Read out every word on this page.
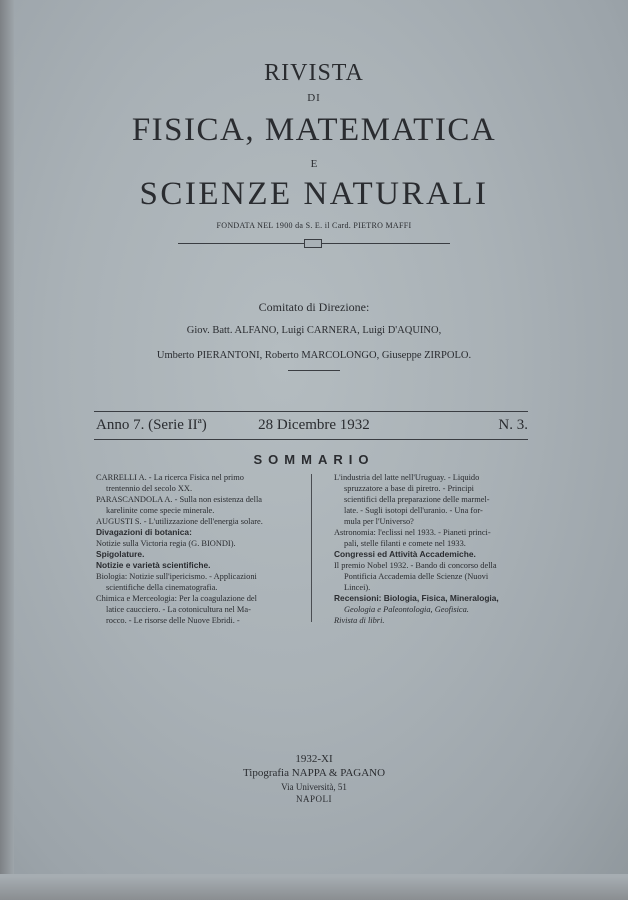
RIVISTA
DI
FISICA, MATEMATICA
E
SCIENZE NATURALI
FONDATA NEL 1900 da S. E. il Card. PIETRO MAFFI
Comitato di Direzione:
Giov. Batt. ALFANO, Luigi CARNERA, Luigi D'AQUINO,
Umberto PIERANTONI, Roberto MARCOLONGO, Giuseppe ZIRPOLO.
Anno 7. (Serie IIª)	28 Dicembre 1932	N. 3.
SOMMARIO

CARRELLI A. - La ricerca Fisica nel primo

trentennio del secolo XX.

PARASCANDOLA A. - Sulla non esistenza della

karelinite come specie minerale.

AUGUSTI S. - L'utilizzazione dell'energia solare.

Divagazioni di botanica:

Notizie sulla Victoria regia (G. BIONDI).

Spigolature.

Notizie e varietà scientifiche.

Biologia: Notizie sull'ipericismo. - Applicazioni

scientifiche della cinematografia.

Chimica e Merceologia: Per la coagulazione del

latice caucciero. - La cotonicultura nel Ma-

rocco. - Le risorse delle Nuove Ebridi. -

L'industria del latte nell'Uruguay. - Liquido

spruzzatore a base di piretro. - Principi

scientifici della preparazione delle marmel-

late. - Sugli isotopi dell'uranio. - Una for-

mula per l'Universo?

Astronomia: l'eclissi nel 1933. - Pianeti princi-

pali, stelle filanti e comete nel 1933.

Congressi ed Attività Accademiche.

Il premio Nobel 1932. - Bando di concorso della

Pontificia Accademia delle Scienze (Nuovi

Lincei).

Recensioni: Biologia, Fisica, Mineralogia,

Geologia e Paleontologia, Geofisica.

Rivista di libri.

1932-XI
Tipografia NAPPA & PAGANO
Via Università, 51
NAPOLI
